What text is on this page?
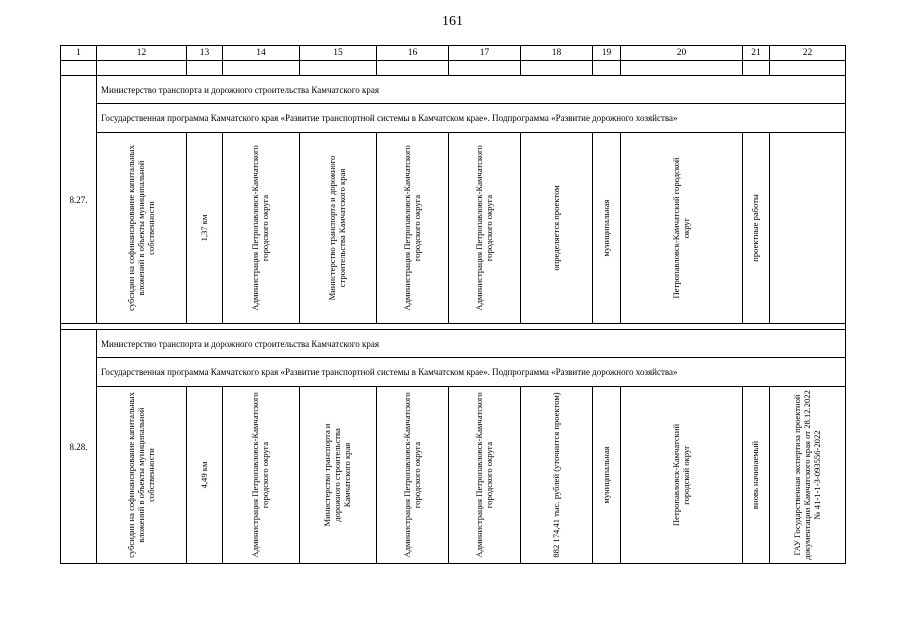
161
1	12	13	14	15	16	17	18	19	20	21	22

8.27.	Министерство транспорта и дорожного строительства Камчатского края										
	Государственная программа Камчатского края «Развитие транспортной системы в Камчатском крае». Подпрограмма «Развитие дорожного хозяйства»										

	субсидии на софинансирование капитальных вложений в объекты муниципальной собственности	1,37 км	Администрация Петропавловск-Камчатского городского округа	Министерство транспорта и дорожного строительства Камчатского края	Администрация Петропавловск-Камчатского городского округа	Администрация Петропавловск-Камчатского городского округа	определяется проектом	муниципальная	Петропавловск-Камчатский городской округ	проектные работы	

8.28.	Министерство транспорта и дорожного строительства Камчатского края										
	Государственная программа Камчатского края «Развитие транспортной системы в Камчатском крае». Подпрограмма «Развитие дорожного хозяйства»										

	субсидии на софинансирование капитальных вложений в объекты муниципальной собственности	4,49 км	Администрация Петропавловск-Камчатского городского округа	Министерство транспорта и дорожного строительства Камчатского края	Администрация Петропавловск-Камчатского городского округа	Администрация Петропавловск-Камчатского городского округа	882 174,41 тыс. рублей (уточнится проектом)	муниципальная	Петропавловск-Камчатский городской округ	вновь начинаемый	ГАУ Государственная экспертиза проектной документации Камчатского края от 28.12.2022 № 41-1-1-3-093556-2022
